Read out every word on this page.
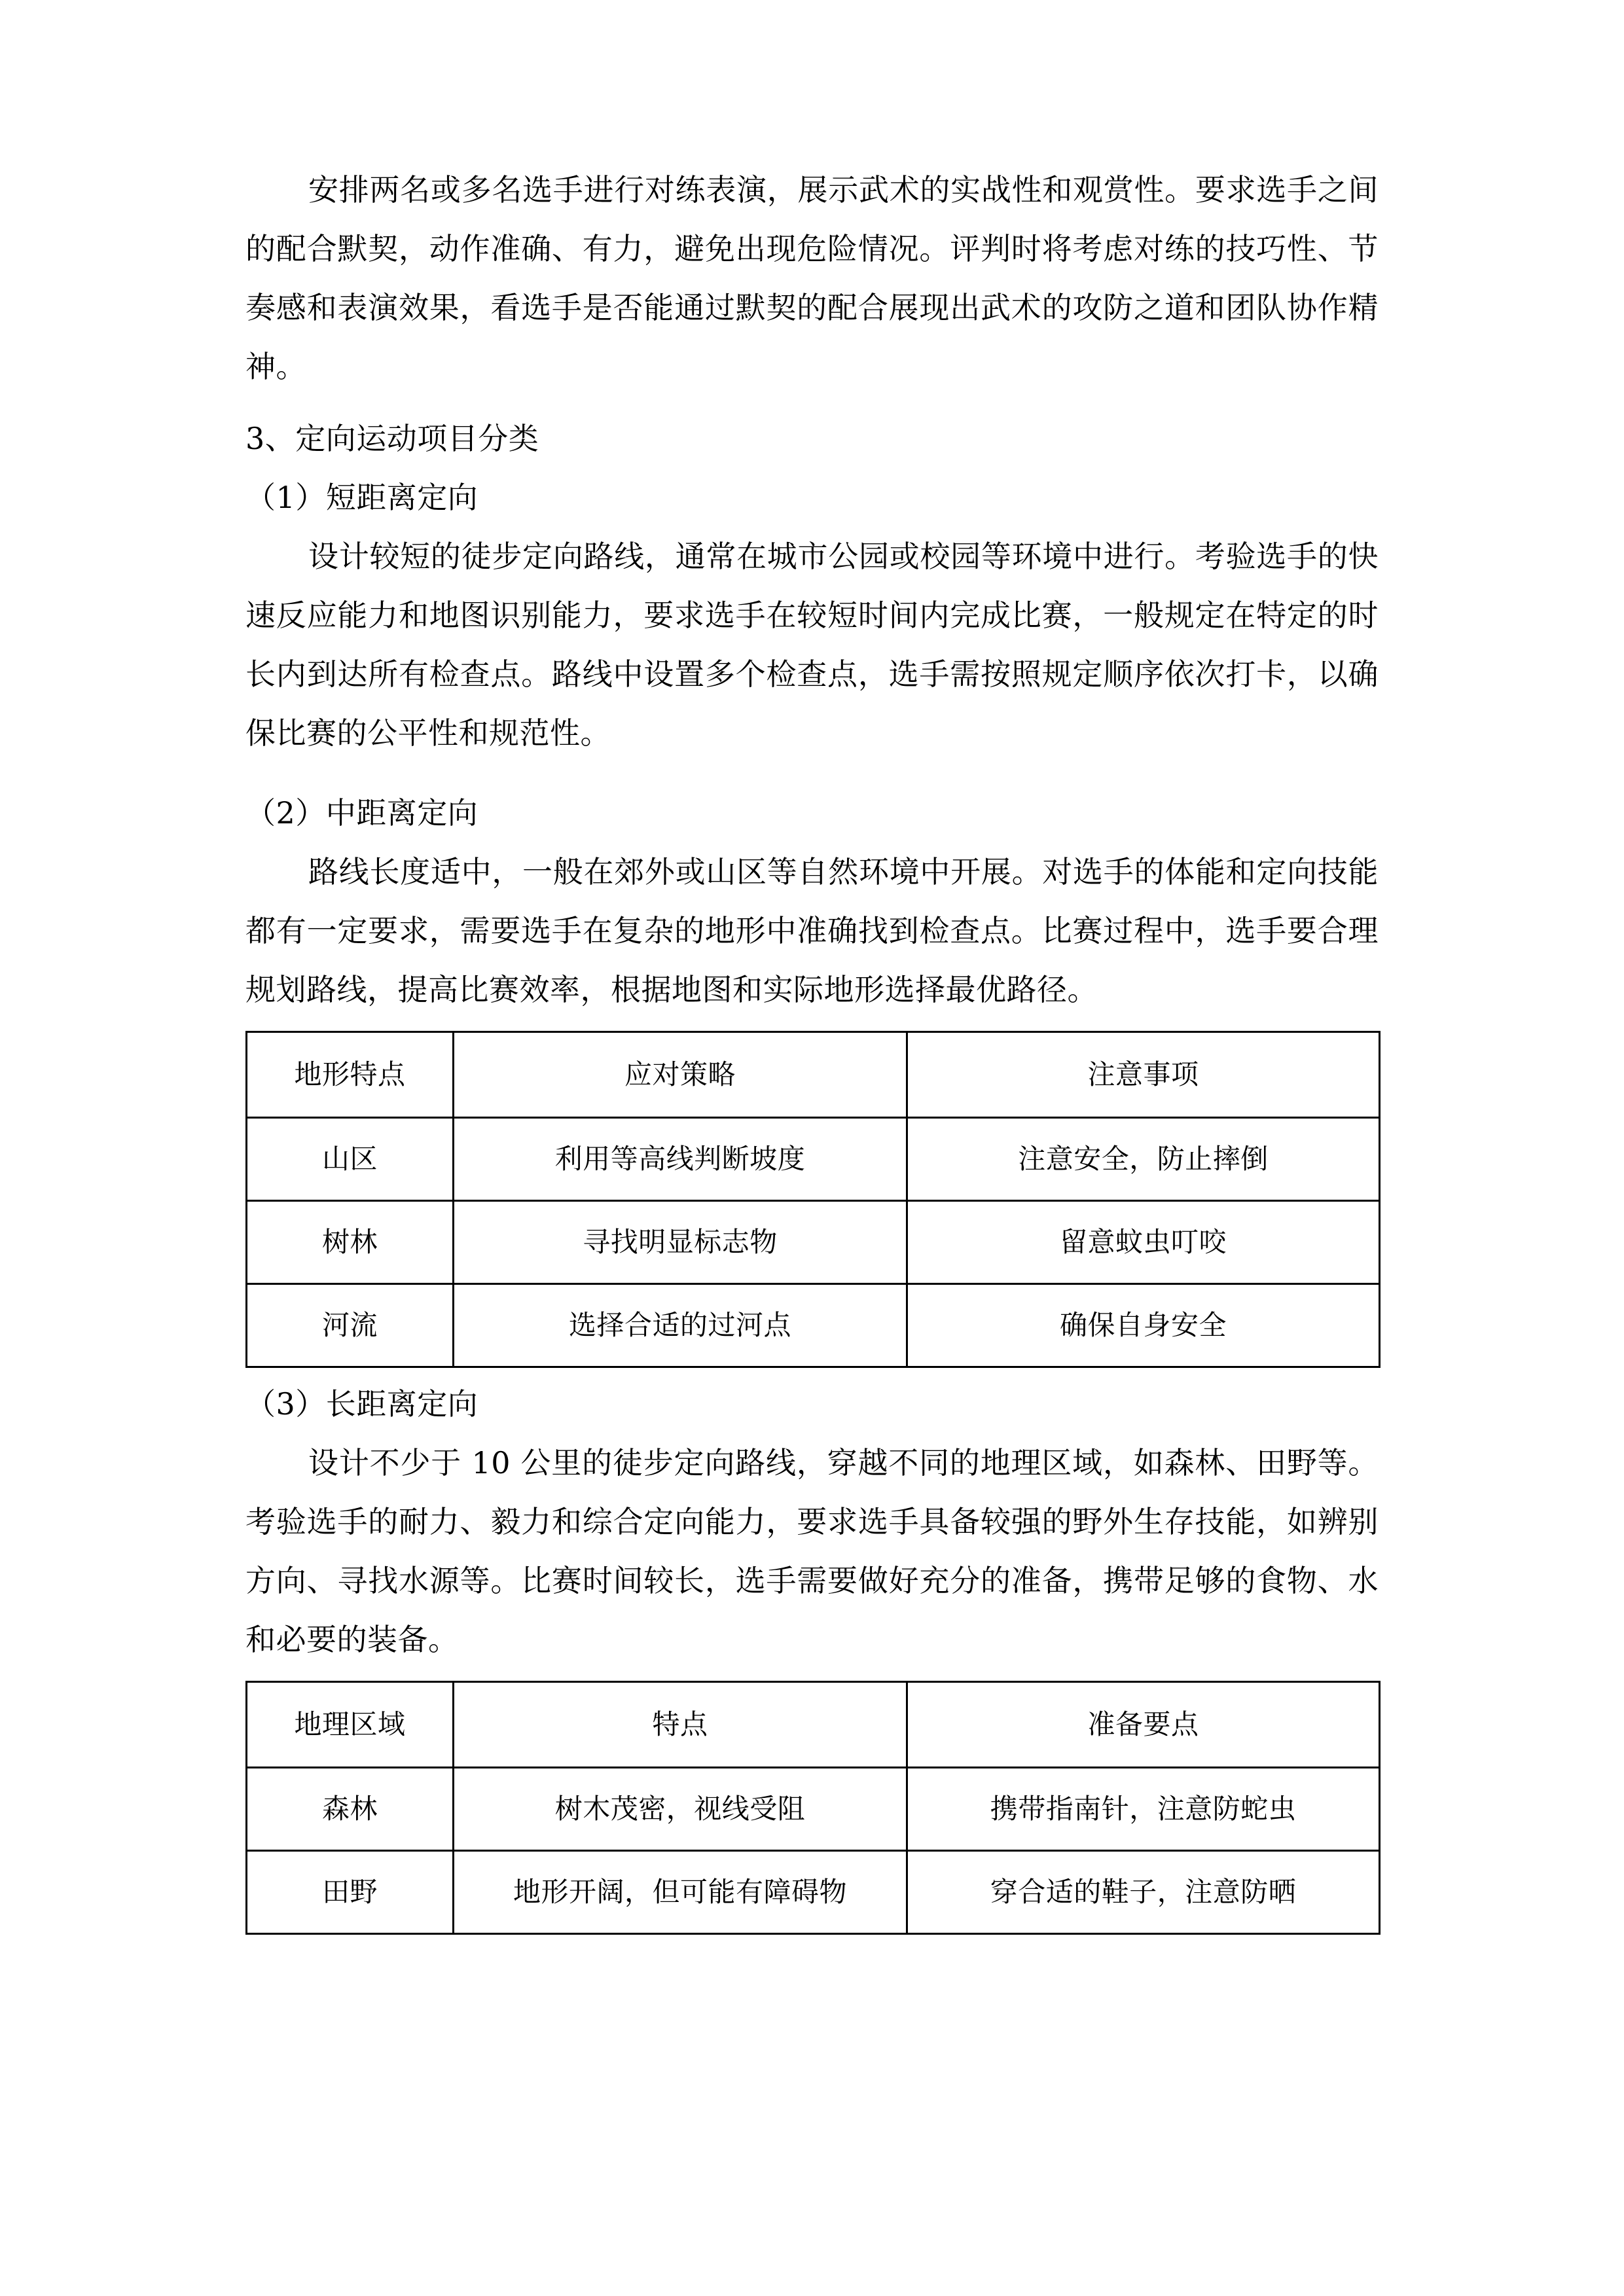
安排两名或多名选手进行对练表演，展示武术的实战性和观赏性。要求选手之间的配合默契，动作准确、有力，避免出现危险情况。评判时将考虑对练的技巧性、节奏感和表演效果，看选手是否能通过默契的配合展现出武术的攻防之道和团队协作精神。

3、定向运动项目分类

（1）短距离定向

设计较短的徒步定向路线，通常在城市公园或校园等环境中进行。考验选手的快速反应能力和地图识别能力，要求选手在较短时间内完成比赛，一般规定在特定的时长内到达所有检查点。路线中设置多个检查点，选手需按照规定顺序依次打卡，以确保比赛的公平性和规范性。

（2）中距离定向

路线长度适中，一般在郊外或山区等自然环境中开展。对选手的体能和定向技能都有一定要求，需要选手在复杂的地形中准确找到检查点。比赛过程中，选手要合理规划路线，提高比赛效率，根据地图和实际地形选择最优路径。

地形特点	应对策略	注意事项
山区	利用等高线判断坡度	注意安全，防止摔倒
树林	寻找明显标志物	留意蚊虫叮咬
河流	选择合适的过河点	确保自身安全

（3）长距离定向

设计不少于 10 公里的徒步定向路线，穿越不同的地理区域，如森林、田野等。考验选手的耐力、毅力和综合定向能力，要求选手具备较强的野外生存技能，如辨别方向、寻找水源等。比赛时间较长，选手需要做好充分的准备，携带足够的食物、水和必要的装备。

地理区域	特点	准备要点
森林	树木茂密，视线受阻	携带指南针，注意防蛇虫
田野	地形开阔，但可能有障碍物	穿合适的鞋子，注意防晒
